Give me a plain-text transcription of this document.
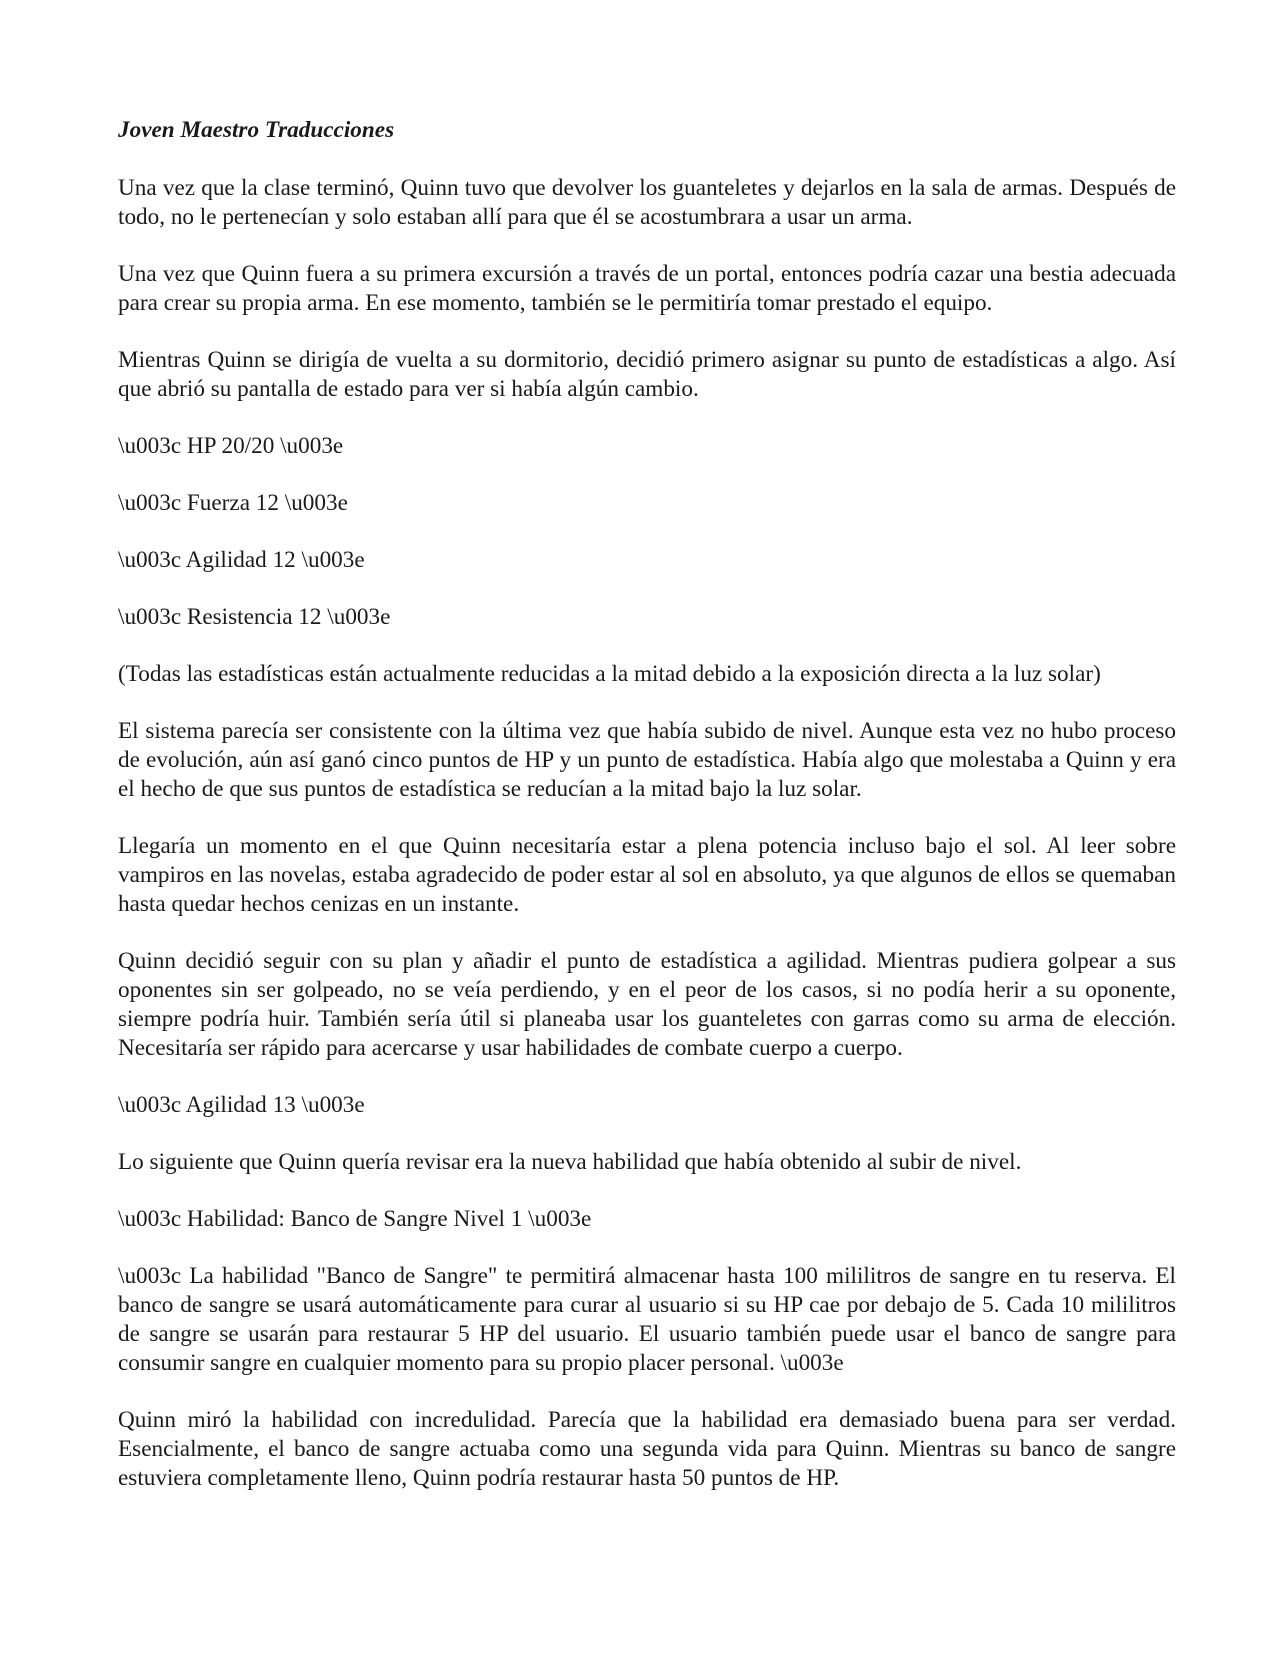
Joven Maestro Traducciones

Una vez que la clase terminó, Quinn tuvo que devolver los guanteletes y dejarlos en la sala de armas. Después de todo, no le pertenecían y solo estaban allí para que él se acostumbrara a usar un arma.

Una vez que Quinn fuera a su primera excursión a través de un portal, entonces podría cazar una bestia adecuada para crear su propia arma. En ese momento, también se le permitiría tomar prestado el equipo.

Mientras Quinn se dirigía de vuelta a su dormitorio, decidió primero asignar su punto de estadísticas a algo. Así que abrió su pantalla de estado para ver si había algún cambio.

\u003c HP 20/20 \u003e

\u003c Fuerza 12 \u003e

\u003c Agilidad 12 \u003e

\u003c Resistencia 12 \u003e

(Todas las estadísticas están actualmente reducidas a la mitad debido a la exposición directa a la luz solar)

El sistema parecía ser consistente con la última vez que había subido de nivel. Aunque esta vez no hubo proceso de evolución, aún así ganó cinco puntos de HP y un punto de estadística. Había algo que molestaba a Quinn y era el hecho de que sus puntos de estadística se reducían a la mitad bajo la luz solar.

Llegaría un momento en el que Quinn necesitaría estar a plena potencia incluso bajo el sol. Al leer sobre vampiros en las novelas, estaba agradecido de poder estar al sol en absoluto, ya que algunos de ellos se quemaban hasta quedar hechos cenizas en un instante.

Quinn decidió seguir con su plan y añadir el punto de estadística a agilidad. Mientras pudiera golpear a sus oponentes sin ser golpeado, no se veía perdiendo, y en el peor de los casos, si no podía herir a su oponente, siempre podría huir. También sería útil si planeaba usar los guanteletes con garras como su arma de elección. Necesitaría ser rápido para acercarse y usar habilidades de combate cuerpo a cuerpo.

\u003c Agilidad 13 \u003e

Lo siguiente que Quinn quería revisar era la nueva habilidad que había obtenido al subir de nivel.

\u003c Habilidad: Banco de Sangre Nivel 1 \u003e

\u003c La habilidad "Banco de Sangre" te permitirá almacenar hasta 100 mililitros de sangre en tu reserva. El banco de sangre se usará automáticamente para curar al usuario si su HP cae por debajo de 5. Cada 10 mililitros de sangre se usarán para restaurar 5 HP del usuario. El usuario también puede usar el banco de sangre para consumir sangre en cualquier momento para su propio placer personal. \u003e

Quinn miró la habilidad con incredulidad. Parecía que la habilidad era demasiado buena para ser verdad. Esencialmente, el banco de sangre actuaba como una segunda vida para Quinn. Mientras su banco de sangre estuviera completamente lleno, Quinn podría restaurar hasta 50 puntos de HP.
